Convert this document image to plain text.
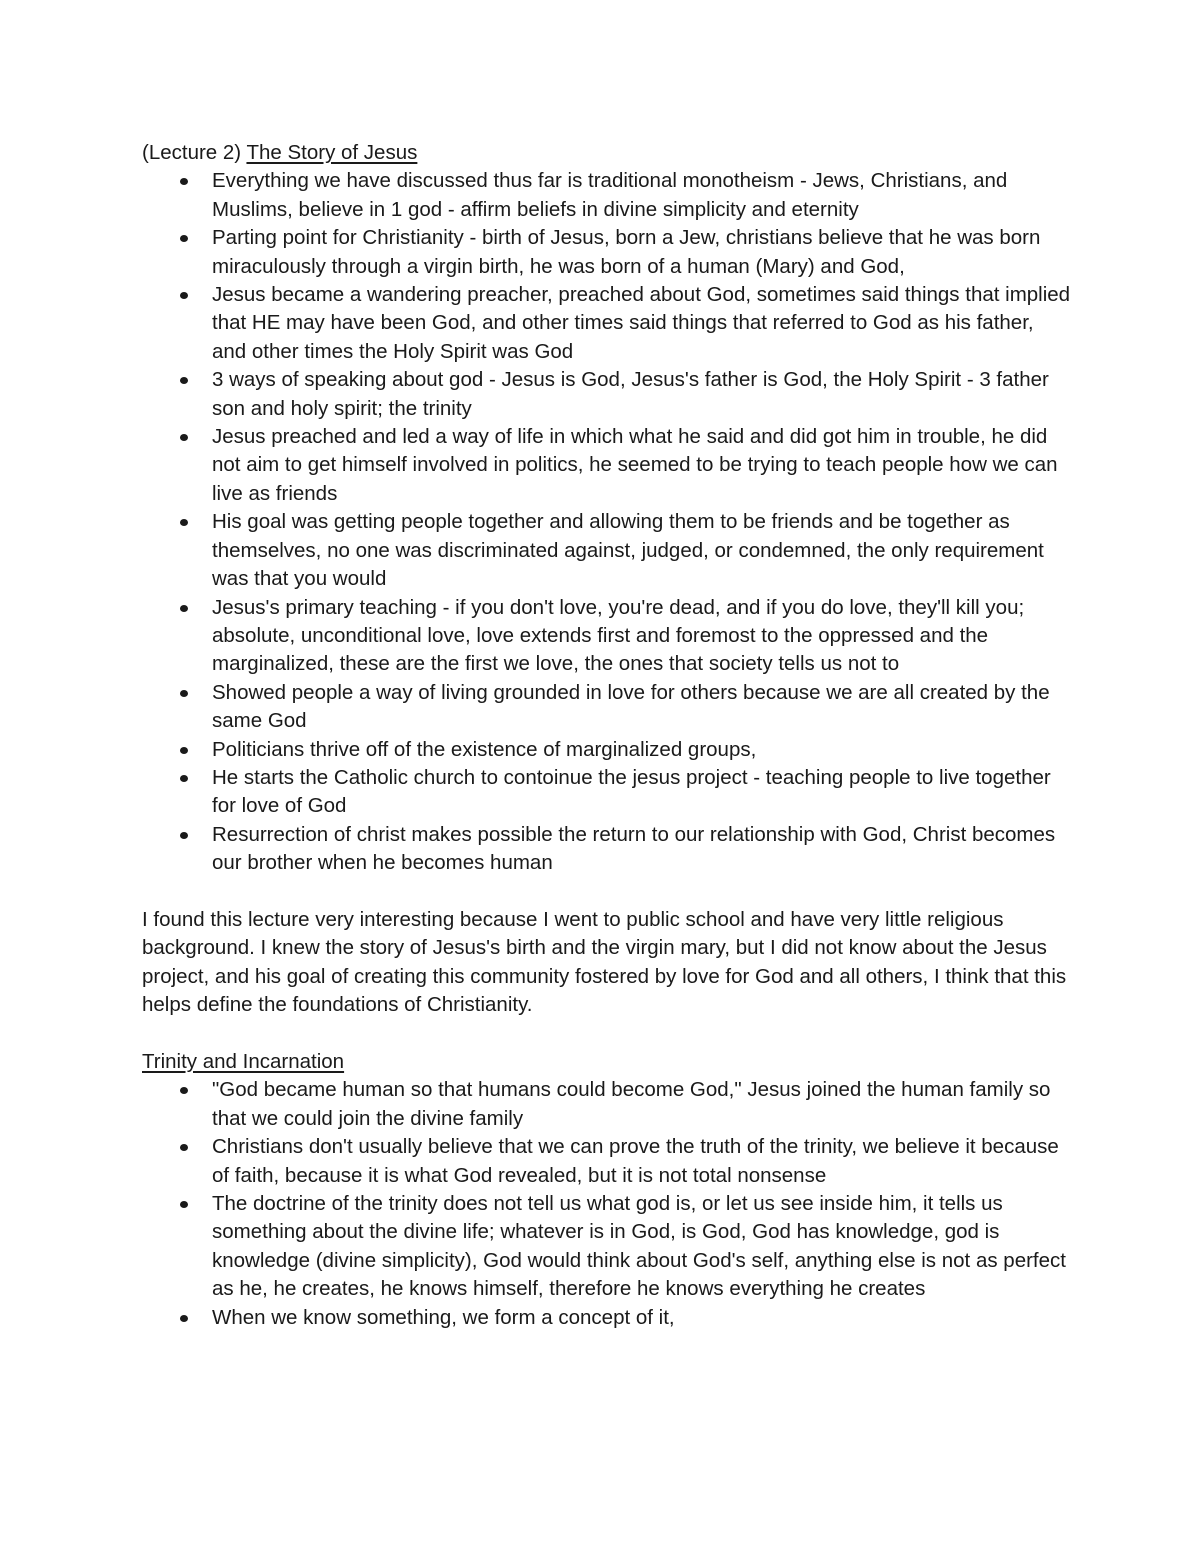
(Lecture 2) The Story of Jesus

Everything we have discussed thus far is traditional monotheism - Jews, Christians, and Muslims, believe in 1 god - affirm beliefs in divine simplicity and eternity
Parting point for Christianity - birth of Jesus, born a Jew, christians believe that he was born miraculously through a virgin birth, he was born of a human (Mary) and God,
Jesus became a wandering preacher, preached about God, sometimes said things that implied that HE may have been God, and other times said things that referred to God as his father, and other times the Holy Spirit was God
3 ways of speaking about god - Jesus is God, Jesus's father is God, the Holy Spirit - 3 father son and holy spirit; the trinity
Jesus preached and led a way of life in which what he said and did got him in trouble, he did not aim to get himself involved in politics, he seemed to be trying to teach people how we can live as friends
His goal was getting people together and allowing them to be friends and be together as themselves, no one was discriminated against, judged, or condemned, the only requirement was that you would
Jesus's primary teaching - if you don't love, you're dead, and if you do love, they'll kill you; absolute, unconditional love, love extends first and foremost to the oppressed and the marginalized, these are the first we love, the ones that society tells us not to
Showed people a way of living grounded in love for others because we are all created by the same God
Politicians thrive off of the existence of marginalized groups,
He starts the Catholic church to contoinue the jesus project - teaching people to live together for love of God
Resurrection of christ makes possible the return to our relationship with God, Christ becomes our brother when he becomes human

I found this lecture very interesting because I went to public school and have very little religious background. I knew the story of Jesus's birth and the virgin mary, but I did not know about the Jesus project, and his goal of creating this community fostered by love for God and all others, I think that this helps define the foundations of Christianity.

Trinity and Incarnation

"God became human so that humans could become God," Jesus joined the human family so that we could join the divine family
Christians don't usually believe that we can prove the truth of the trinity, we believe it because of faith, because it is what God revealed, but it is not total nonsense
The doctrine of the trinity does not tell us what god is, or let us see inside him, it tells us something about the divine life; whatever is in God, is God, God has knowledge, god is knowledge (divine simplicity), God would think about God's self, anything else is not as perfect as he, he creates, he knows himself, therefore he knows everything he creates
When we know something, we form a concept of it,
